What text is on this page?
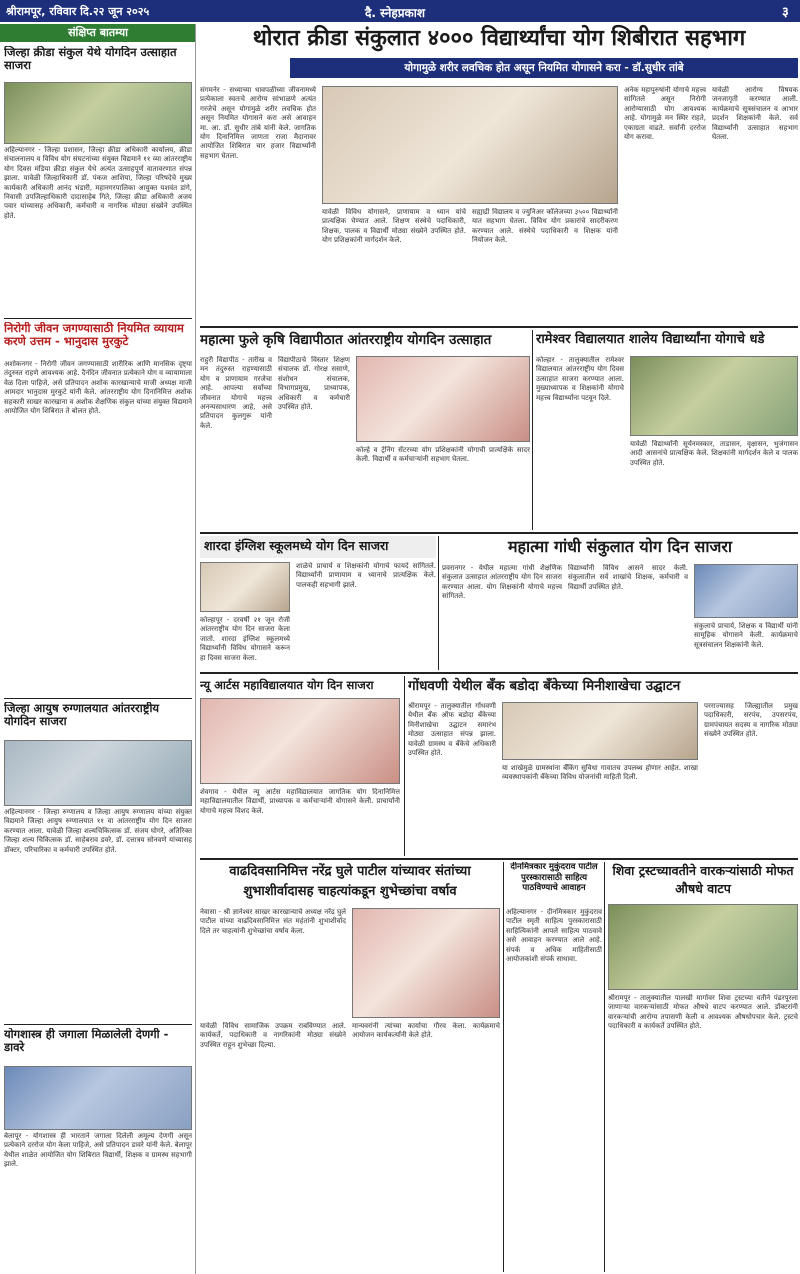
श्रीरामपूर, रविवार दि.२२ जून २०२५	दै. स्नेहप्रकाश	३
संक्षिप्त बातम्या
जिल्हा क्रीडा संकुल येथे योगदिन उत्साहात साजरा
अहिल्यानगर - जिल्हा प्रशासन, जिल्हा क्रीडा अधिकारी कार्यालय, क्रीडा संचालनालय व विविध योग संघटनांच्या संयुक्त विद्यमाने ११ व्या आंतरराष्ट्रीय योग दिवस मंडिया क्रीडा संकुल येथे अत्यंत उत्साहपूर्ण वातावरणात संपन्न झाला. यावेळी जिल्हाधिकारी डॉ. पंकज आशिया, जिल्हा परिषदेचे मुख्य कार्यकारी अधिकारी आनंद भंडारी, महानगरपालिका आयुक्त यशवंत डांगे, निवासी उपजिल्हाधिकारी दादासाहेब गिते, जिल्हा क्रीडा अधिकारी अजय पवार यांच्यासह अधिकारी, कर्मचारी व नागरिक मोठ्या संख्येने उपस्थित होते.
निरोगी जीवन जगण्यासाठी नियमित व्यायाम करणे उत्तम - भानुदास मुरकुटे
अशोकनगर - निरोगी जीवन जगण्यासाठी शारीरिक आणि मानसिक दृष्ट्या तंदुरुस्त राहणे आवश्यक आहे. दैनंदिन जीवनात प्रत्येकाने योग व व्यायामाला वेळ दिला पाहिजे, असे प्रतिपादन अशोक कारखान्याचे माजी अध्यक्ष माजी आमदार भानुदास मुरकुटे यांनी केले. आंतरराष्ट्रीय योग दिनानिमित्त अशोक सहकारी साखर कारखाना व अशोक शैक्षणिक संकुल यांच्या संयुक्त विद्यमाने आयोजित योग शिबिरात ते बोलत होते.
जिल्हा आयुष रुग्णालयात आंतरराष्ट्रीय योगदिन साजरा
अहिल्यानगर - जिल्हा रुग्णालय व जिल्हा आयुष रुग्णालय यांच्या संयुक्त विद्यमाने जिल्हा आयुष रुग्णालयात ११ वा आंतरराष्ट्रीय योग दिन साजरा करण्यात आला. यावेळी जिल्हा शल्यचिकित्सक डॉ. संजय घोगरे, अतिरिक्त जिल्हा शल्य चिकित्सक डॉ. साहेबराव डवरे, डॉ. दत्तात्रय सोनवणे यांच्यासह डॉक्टर, परिचारिका व कर्मचारी उपस्थित होते.
योगशास्त्र ही जगाला मिळालेली देणगी - डावरे
बेलापूर - योगशास्त्र ही भारताने जगाला दिलेली अमूल्य देणगी असून प्रत्येकाने दररोज योग केला पाहिजे, असे प्रतिपादन डावरे यांनी केले. बेलापूर येथील शाळेत आयोजित योग शिबिरात विद्यार्थी, शिक्षक व ग्रामस्थ सहभागी झाले.
थोरात क्रीडा संकुलात ४००० विद्यार्थ्यांचा योग शिबीरात सहभाग
योगामुळे शरीर लवचिक होत असून नियमित योगासने करा - डॉ.सुधीर तांबे
संगमनेर - सध्याच्या धावपळीच्या जीवनामध्ये प्रत्येकाला स्वतःचे आरोग्य सांभाळणे अत्यंत गरजेचे असून योगामुळे शरीर लवचिक होत असून नियमित योगासने करा असे आवाहन मा. आ. डॉ. सुधीर तांबे यांनी केले. जागतिक योग दिनानिमित्त जाणता राजा मैदानावर आयोजित शिबिरात चार हजार विद्यार्थ्यांनी सहभाग घेतला.
यावेळी विविध योगासने, प्राणायाम व ध्यान यांचे प्रात्यक्षिक घेण्यात आले. शिक्षण संस्थेचे पदाधिकारी, शिक्षक, पालक व विद्यार्थी मोठ्या संख्येने उपस्थित होते. योग प्रशिक्षकांनी मार्गदर्शन केले.
सह्याद्री विद्यालय व ज्युनिअर कॉलेजच्या ३५०० विद्यार्थ्यांनी यात सहभाग घेतला. विविध योग प्रकारांचे सादरीकरण करण्यात आले. संस्थेचे पदाधिकारी व शिक्षक यांनी नियोजन केले.
अनेक महापुरुषांनी योगाचे महत्त्व सांगितले असून निरोगी आरोग्यासाठी योग आवश्यक आहे. योगामुळे मन स्थिर राहते, एकाग्रता वाढते. सर्वांनी दररोज योग करावा.
यावेळी आरोग्य विषयक जनजागृती करण्यात आली. कार्यक्रमाचे सूत्रसंचालन व आभार प्रदर्शन शिक्षकांनी केले. सर्व विद्यार्थ्यांनी उत्साहात सहभाग घेतला.
महात्मा फुले कृषि विद्यापीठात आंतरराष्ट्रीय योगदिन उत्साहात
राहुरी विद्यापीठ - तारीख व मन तंदुरुस्त राहण्यासाठी योग व प्राणायाम गरजेचा आहे. आपल्या सर्वांच्या जीवनात योगाचे महत्त्व अनन्यसाधारण आहे, असे प्रतिपादन कुलगुरू यांनी केले.
विद्यापीठाचे विस्तार शिक्षण संचालक डॉ. गोरक्ष ससाणे, संशोधन संचालक, विभागप्रमुख, प्राध्यापक, अधिकारी व कर्मचारी उपस्थित होते.
कोल्हे व ट्रेनिंग सेंटरच्या योग प्रशिक्षकांनी योगाची प्रात्यक्षिके सादर केली. विद्यार्थी व कर्मचाऱ्यांनी सहभाग घेतला.
रामेश्वर विद्यालयात शालेय विद्यार्थ्यांना योगाचे धडे
कोल्हार - तालुक्यातील रामेश्वर विद्यालयात आंतरराष्ट्रीय योग दिवस उत्साहात साजरा करण्यात आला. मुख्याध्यापक व शिक्षकांनी योगाचे महत्त्व विद्यार्थ्यांना पटवून दिले.
यावेळी विद्यार्थ्यांनी सूर्यनमस्कार, ताडासन, वृक्षासन, भुजंगासन आदी आसनांचे प्रात्यक्षिक केले. शिक्षकांनी मार्गदर्शन केले व पालक उपस्थित होते.
शारदा इंग्लिश स्कूलमध्ये योग दिन साजरा
कोल्हापूर - दरवर्षी २१ जून रोजी आंतरराष्ट्रीय योग दिन साजरा केला जातो. शारदा इंग्लिश स्कूलमध्ये विद्यार्थ्यांनी विविध योगासने करून हा दिवस साजरा केला.
शाळेचे प्राचार्य व शिक्षकांनी योगाचे फायदे सांगितले. विद्यार्थ्यांनी प्राणायाम व ध्यानाचे प्रात्यक्षिक केले. पालकही सहभागी झाले.
महात्मा गांधी संकुलात योग दिन साजरा
प्रवरानगर - येथील महात्मा गांधी शैक्षणिक संकुलात उत्साहात आंतरराष्ट्रीय योग दिन साजरा करण्यात आला. योग शिक्षकांनी योगाचे महत्त्व सांगितले.
विद्यार्थ्यांनी विविध आसने सादर केली. संकुलातील सर्व शाखांचे शिक्षक, कर्मचारी व विद्यार्थी उपस्थित होते.
संकुलाचे प्राचार्य, शिक्षक व विद्यार्थी यांनी सामूहिक योगासने केली. कार्यक्रमाचे सूत्रसंचालन शिक्षकांनी केले.
न्यू आर्टस महाविद्यालयात योग दिन साजरा
शेवगाव - येथील न्यू आर्टस महाविद्यालयात जागतिक योग दिनानिमित्त महाविद्यालयातील विद्यार्थी, प्राध्यापक व कर्मचाऱ्यांनी योगासने केली. प्राचार्यांनी योगाचे महत्त्व विशद केले.
गोंधवणी येथील बँक बडोदा बँकेच्या मिनीशाखेचा उद्घाटन
श्रीरामपूर - तालुक्यातील गोंधवणी येथील बँक ऑफ बडोदा बँकेच्या मिनीशाखेचा उद्घाटन समारंभ मोठ्या उत्साहात संपन्न झाला. यावेळी ग्रामस्थ व बँकेचे अधिकारी उपस्थित होते.
या शाखेमुळे ग्रामस्थांना बँकिंग सुविधा गावातच उपलब्ध होणार आहेत. शाखा व्यवस्थापकांनी बँकेच्या विविध योजनांची माहिती दिली.
परराज्यासह जिल्ह्यातील प्रमुख पदाधिकारी, सरपंच, उपसरपंच, ग्रामपंचायत सदस्य व नागरिक मोठ्या संख्येने उपस्थित होते.
वाढदिवसानिमित्त नरेंद्र घुले पाटील यांच्यावर संतांच्या शुभाशीर्वादासह चाहत्यांकडून शुभेच्छांचा वर्षाव
नेवासा - श्री ज्ञानेश्वर साखर कारखान्याचे अध्यक्ष नरेंद्र घुले पाटील यांच्या वाढदिवसानिमित्त संत महंतांनी शुभाशीर्वाद दिले तर चाहत्यांनी शुभेच्छांचा वर्षाव केला.
यावेळी विविध सामाजिक उपक्रम राबविण्यात आले. कार्यकर्ते, पदाधिकारी व नागरिकांनी मोठ्या संख्येने उपस्थित राहून शुभेच्छा दिल्या.
मान्यवरांनी त्यांच्या कार्याचा गौरव केला. कार्यक्रमाचे आयोजन कार्यकर्त्यांनी केले होते.
दीनमित्रकार मुकुंदराव पाटील पुरस्कारासाठी साहित्य पाठविण्याचे आवाहन
अहिल्यानगर - दीनमित्रकार मुकुंदराव पाटील स्मृती साहित्य पुरस्कारासाठी साहित्यिकांनी आपले साहित्य पाठवावे असे आवाहन करण्यात आले आहे. संपर्क व अधिक माहितीसाठी आयोजकांशी संपर्क साधावा.
शिवा ट्रस्टच्यावतीने वारकऱ्यांसाठी मोफत औषधे वाटप
श्रीरामपूर - तालुक्यातील पालखी मार्गावर शिवा ट्रस्टच्या वतीने पंढरपूरला जाणाऱ्या वारकऱ्यांसाठी मोफत औषधे वाटप करण्यात आले. डॉक्टरांनी वारकऱ्यांची आरोग्य तपासणी केली व आवश्यक औषधोपचार केले. ट्रस्टचे पदाधिकारी व कार्यकर्ते उपस्थित होते.
